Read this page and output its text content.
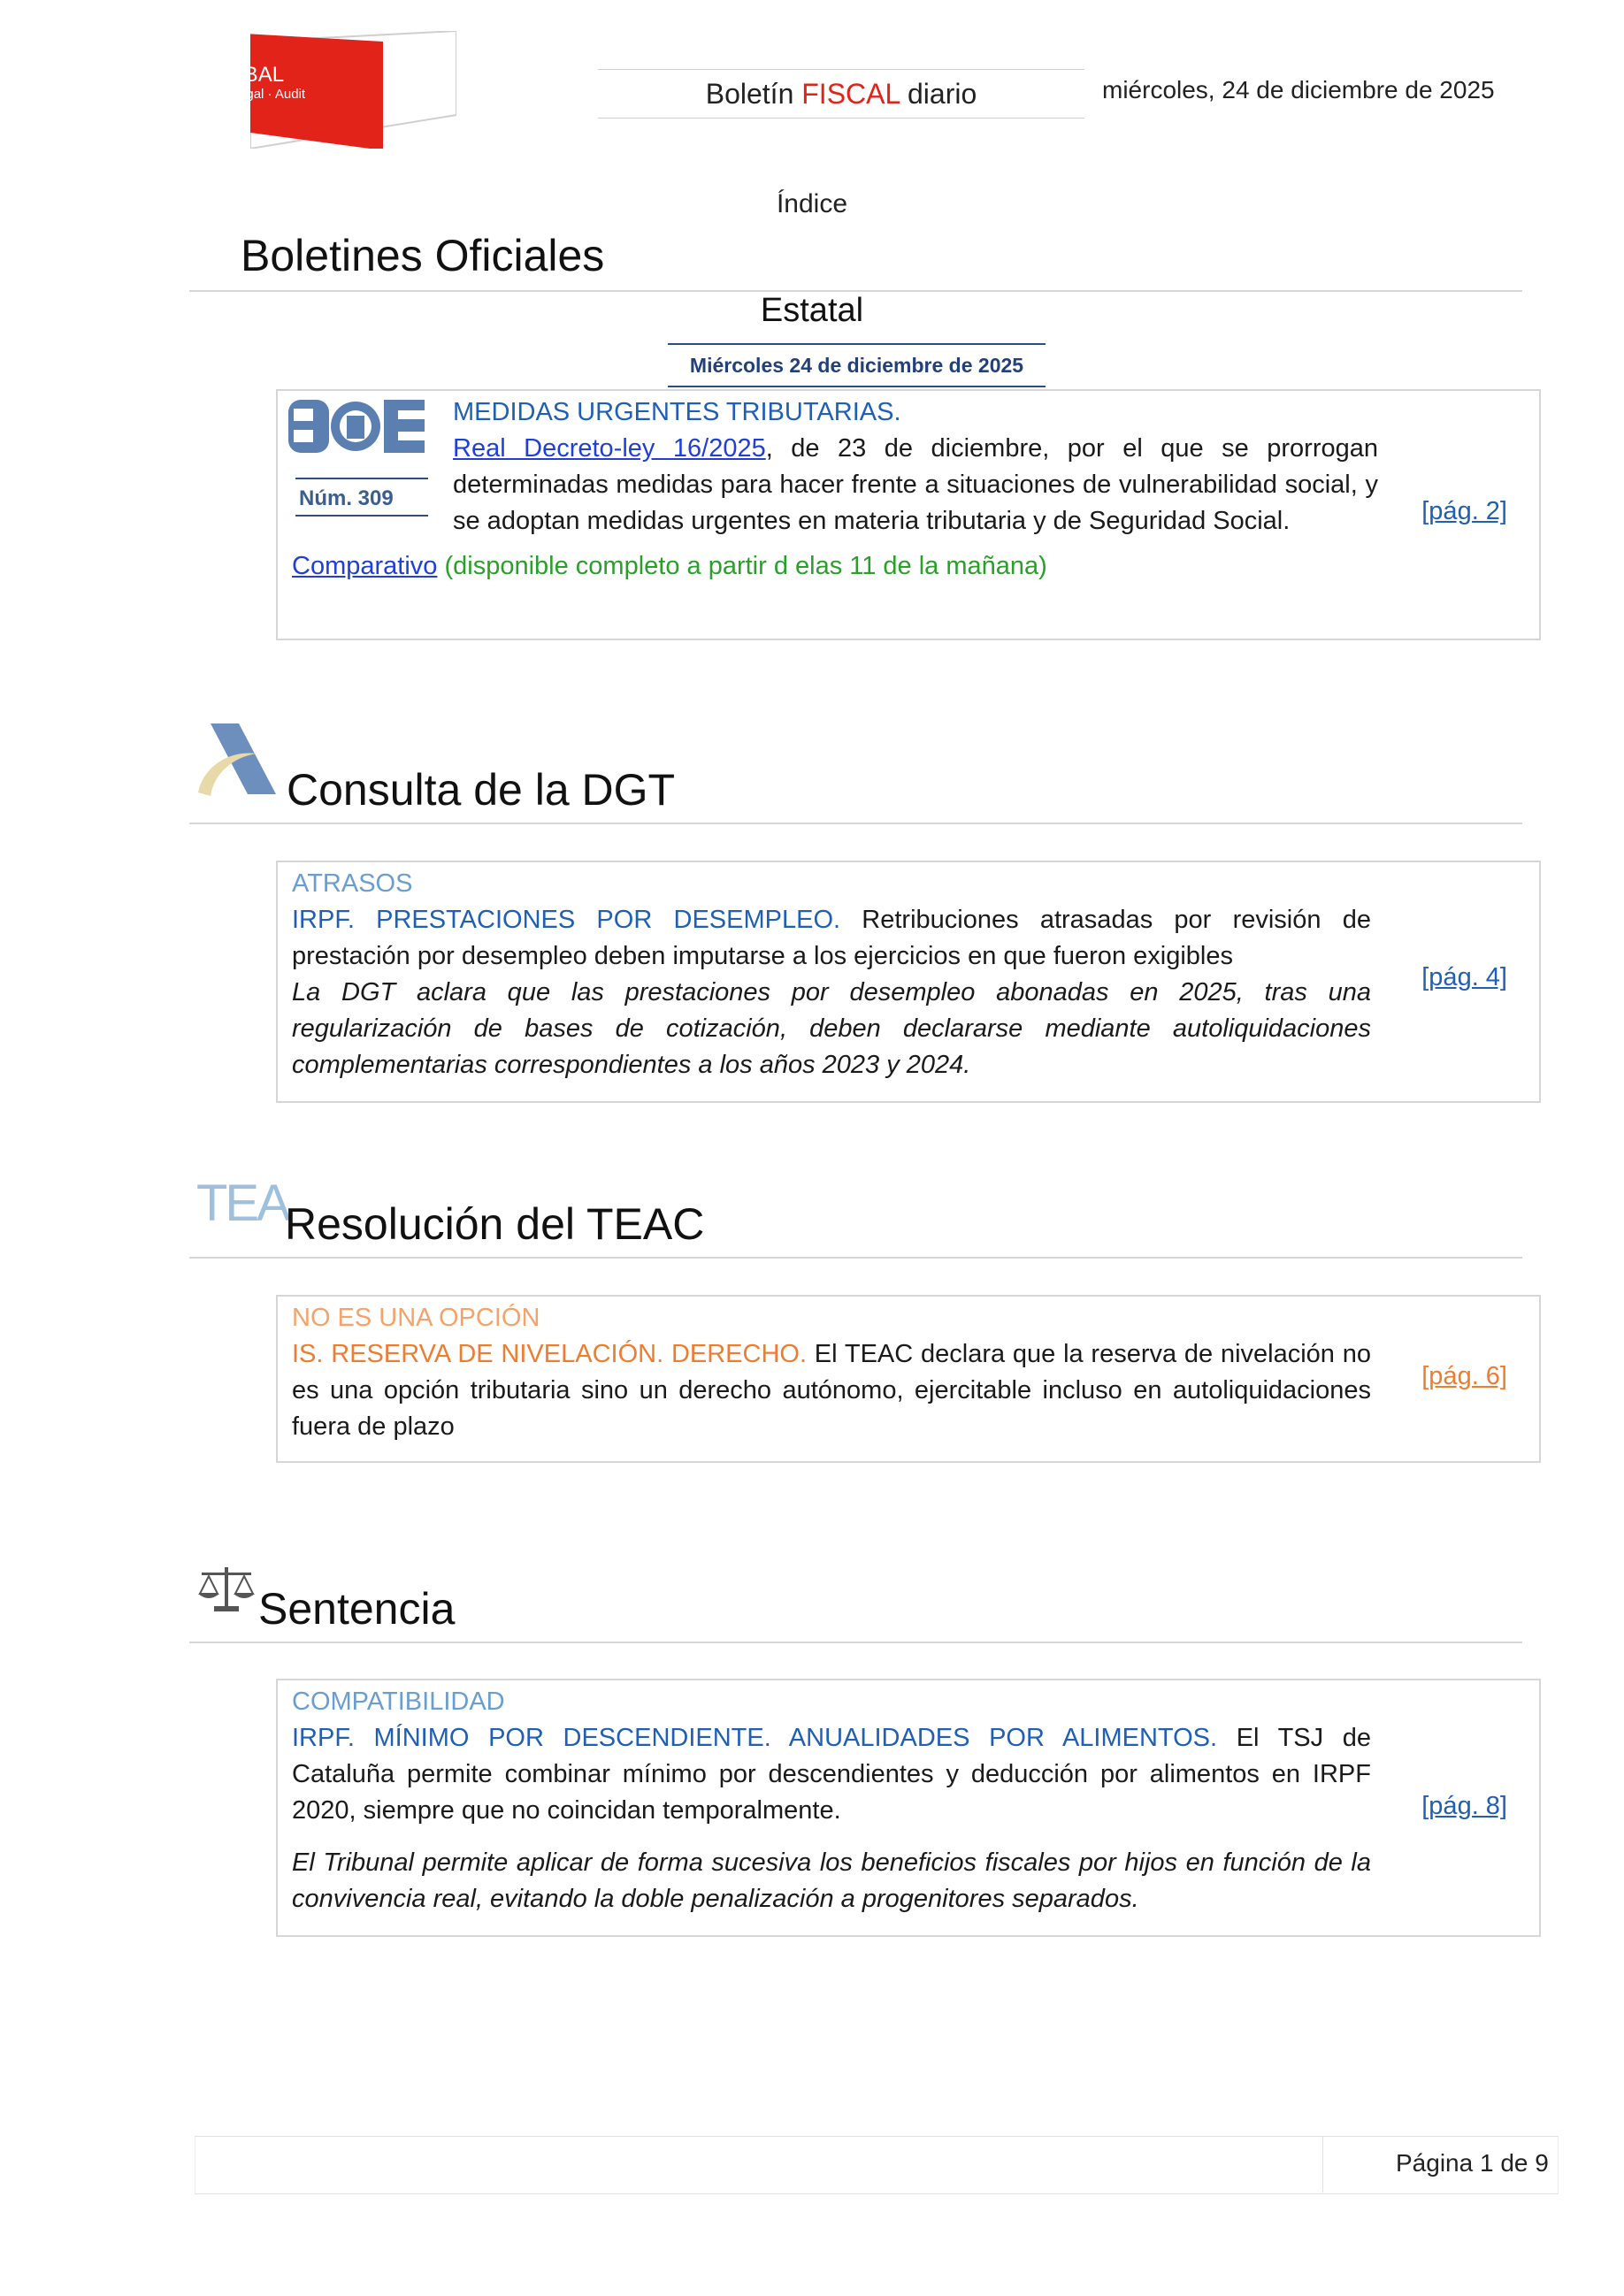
ETL
GLOBAL
Tax · Legal · Audit	Boletín FISCAL diario	miércoles, 24 de diciembre de 2025
Índice
Boletines Oficiales
Estatal
Miércoles 24 de diciembre de 2025
Núm. 309
MEDIDAS URGENTES TRIBUTARIAS.
Real Decreto-ley 16/2025, de 23 de diciembre, por el que se prorrogan determinadas medidas para hacer frente a situaciones de vulnerabilidad social, y se adoptan medidas urgentes en materia tributaria y de Seguridad Social.
Comparativo (disponible completo a partir d elas 11 de la mañana)
[pág. 2]
Consulta de la DGT
ATRASOS
IRPF. PRESTACIONES POR DESEMPLEO. Retribuciones atrasadas por revisión de prestación por desempleo deben imputarse a los ejercicios en que fueron exigibles
La DGT aclara que las prestaciones por desempleo abonadas en 2025, tras una regularización de bases de cotización, deben declararse mediante autoliquidaciones complementarias correspondientes a los años 2023 y 2024.
[pág. 4]
TEA
Resolución del TEAC
NO ES UNA OPCIÓN
IS. RESERVA DE NIVELACIÓN. DERECHO. El TEAC declara que la reserva de nivelación no es una opción tributaria sino un derecho autónomo, ejercitable incluso en autoliquidaciones fuera de plazo
[pág. 6]
Sentencia
COMPATIBILIDAD
IRPF. MÍNIMO POR DESCENDIENTE. ANUALIDADES POR ALIMENTOS. El TSJ de Cataluña permite combinar mínimo por descendientes y deducción por alimentos en IRPF 2020, siempre que no coincidan temporalmente.
El Tribunal permite aplicar de forma sucesiva los beneficios fiscales por hijos en función de la convivencia real, evitando la doble penalización a progenitores separados.
[pág. 8]
Página 1 de 9
